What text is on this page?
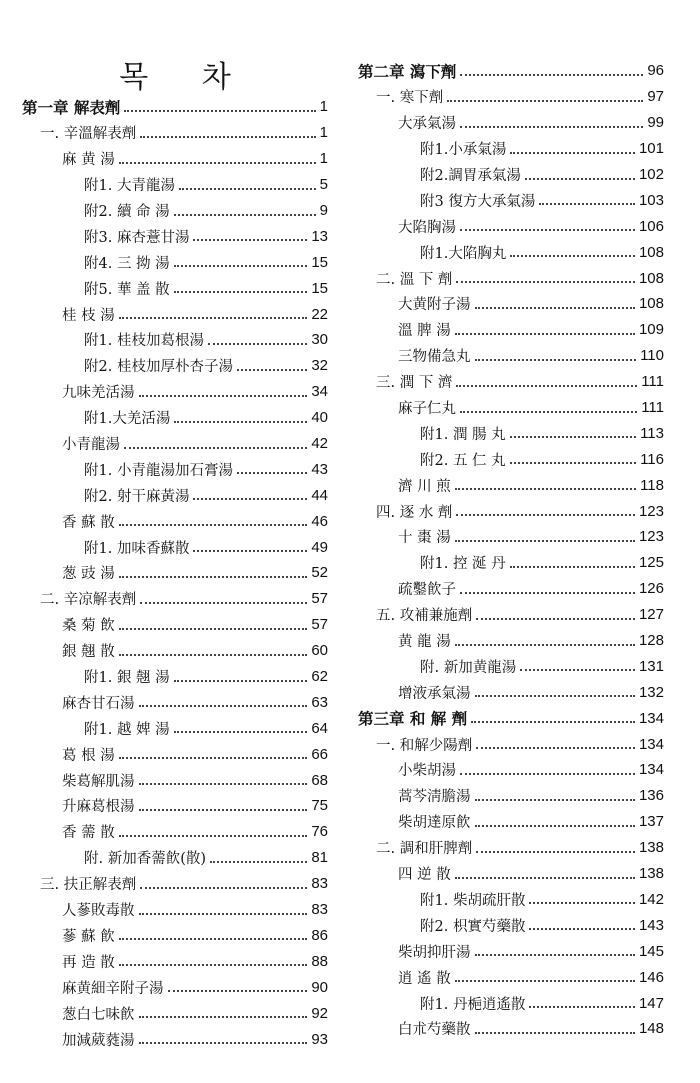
목 차
第一章 解表劑	1
一. 辛溫解表劑	1
麻 黄 湯	1
附1. 大青龍湯	5
附2. 續 命 湯	9
附3. 麻杏薏甘湯	13
附4. 三 拗 湯	15
附5. 華 盖 散	15
桂 枝 湯	22
附1. 桂枝加葛根湯	30
附2. 桂枝加厚朴杏子湯	32
九味羌活湯	34
附1.大羌活湯	40
小青龍湯	42
附1. 小青龍湯加石膏湯	43
附2. 射干麻黃湯	44
香 蘇 散	46
附1. 加味香蘇散	49
葱 豉 湯	52
二. 辛凉解表劑	57
桑 菊 飲	57
銀 翹 散	60
附1. 銀 翹 湯	62
麻杏甘石湯	63
附1. 越 婢 湯	64
葛 根 湯	66
柴葛解肌湯	68
升麻葛根湯	75
香 薷 散	76
附. 新加香薷飮(散)	81
三. 扶正解表劑	83
人蔘敗毒散	83
蔘 蘇 飮	86
再 造 散	88
麻黄細辛附子湯	90
葱白七味飮	92
加減葳蕤湯	93
第二章 瀉下劑	96
一. 寒下劑	97
大承氣湯	99
附1.小承氣湯	101
附2.調胃承氣湯	102
附3 復方大承氣湯	103
大陷胸湯	106
附1.大陷胸丸	108
二. 溫 下 劑	108
大黄附子湯	108
溫 脾 湯	109
三物備急丸	110
三. 潤 下 濟	111
麻子仁丸	111
附1. 潤 腸 丸	113
附2. 五 仁 丸	116
濟 川 煎	118
四. 逐 水 劑	123
十 棗 湯	123
附1. 控 涎 丹	125
疏鑿飮子	126
五. 攻補兼施劑	127
黄 龍 湯	128
附. 新加黄龍湯	131
增液承氣湯	132
第三章 和 解 劑	134
一. 和解少陽劑	134
小柴胡湯	134
蒿芩淸膽湯	136
柴胡達原飮	137
二. 調和肝脾劑	138
四 逆 散	138
附1. 柴胡疏肝散	142
附2. 枳實芍藥散	143
柴胡抑肝湯	145
逍 遙 散	146
附1. 丹梔逍遙散	147
白朮芍藥散	148
